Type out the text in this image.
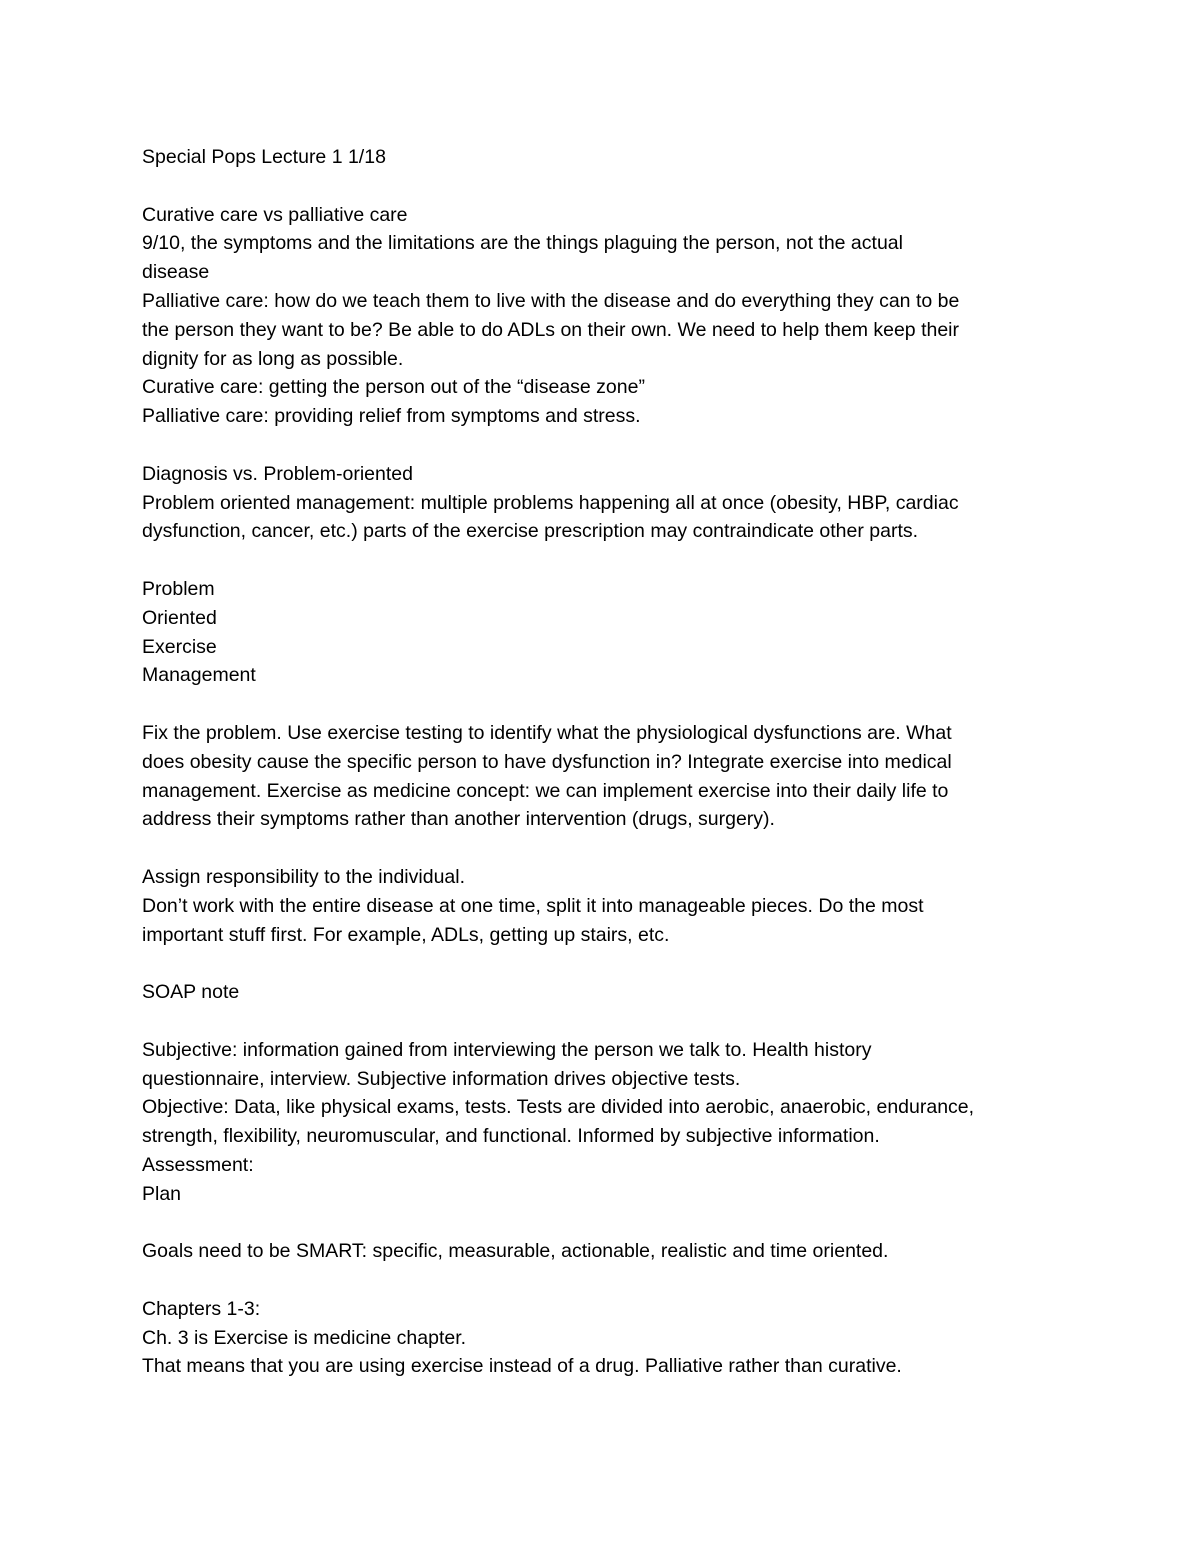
Special Pops Lecture 1 1/18
Curative care vs palliative care
9/10, the symptoms and the limitations are the things plaguing the person, not the actual
disease
Palliative care: how do we teach them to live with the disease and do everything they can to be
the person they want to be? Be able to do ADLs on their own. We need to help them keep their
dignity for as long as possible.
Curative care: getting the person out of the “disease zone”
Palliative care: providing relief from symptoms and stress.
Diagnosis vs. Problem-oriented
Problem oriented management: multiple problems happening all at once (obesity, HBP, cardiac
dysfunction, cancer, etc.) parts of the exercise prescription may contraindicate other parts.
Problem
Oriented
Exercise
Management
Fix the problem. Use exercise testing to identify what the physiological dysfunctions are. What
does obesity cause the specific person to have dysfunction in? Integrate exercise into medical
management. Exercise as medicine concept: we can implement exercise into their daily life to
address their symptoms rather than another intervention (drugs, surgery).
Assign responsibility to the individual.
Don’t work with the entire disease at one time, split it into manageable pieces. Do the most
important stuff first. For example, ADLs, getting up stairs, etc.
SOAP note
Subjective: information gained from interviewing the person we talk to. Health history
questionnaire, interview. Subjective information drives objective tests.
Objective: Data, like physical exams, tests. Tests are divided into aerobic, anaerobic, endurance,
strength, flexibility, neuromuscular, and functional. Informed by subjective information.
Assessment:
Plan
Goals need to be SMART: specific, measurable, actionable, realistic and time oriented.
Chapters 1-3:
Ch. 3 is Exercise is medicine chapter.
That means that you are using exercise instead of a drug. Palliative rather than curative.
